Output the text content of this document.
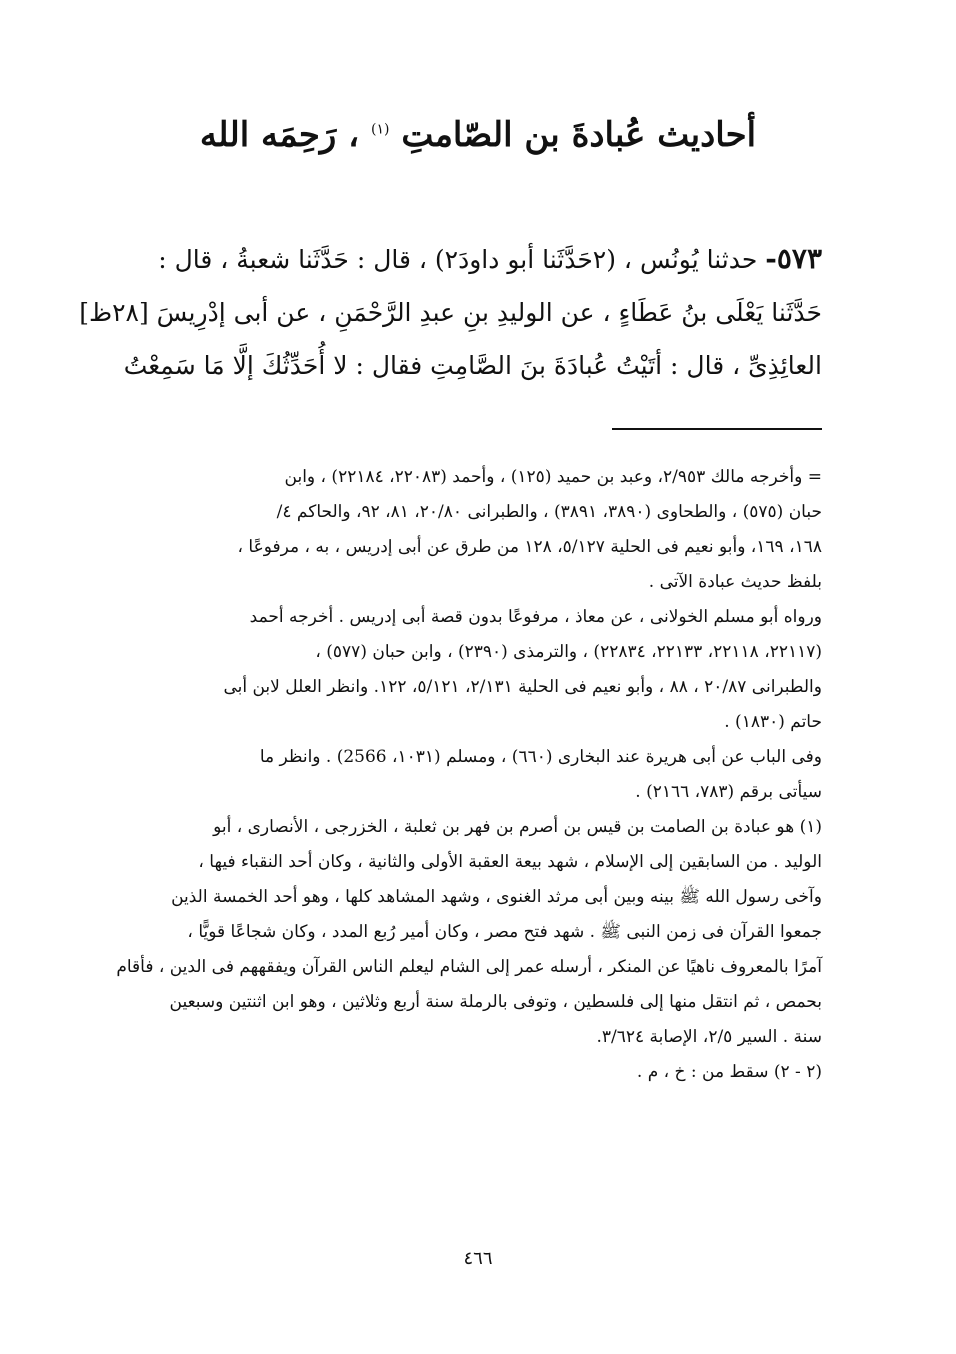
أحاديث عُبادةَ بن الصّامتِ $^{(١)}$ ، رَحِمَه الله
٥٧٣- حدثنا يُونُس ، (٢حَدَّثَنا أبو داودَ٢) ، قال : حَدَّثَنا شعبةُ ، قال :
حَدَّثَنا يَعْلَى بنُ عَطَاءٍ ، عن الوليدِ بنِ عبدِ الرَّحْمَنِ ، عن أبى إدْرِيسَ [٢٨ظ]
العائِذِىِّ ، قال : أتَيْتُ عُبادَةَ بنَ الصَّامِتِ فقال : لا أُحَدِّثُكَ إلَّا مَا سَمِعْتُ
= وأخرجه مالك ٢/٩٥٣، وعبد بن حميد (١٢٥) ، وأحمد (٢٢٠٨٣، ٢٢١٨٤) ، وابن
حبان (٥٧٥) ، والطحاوى (٣٨٩٠، ٣٨٩١) ، والطبرانى ٢٠/٨٠، ٨١، ٩٢، والحاكم ٤/
١٦٨، ١٦٩، وأبو نعيم فى الحلية ٥/١٢٧، ١٢٨ من طرق عن أبى إدريس ، به ، مرفوعًا ،
بلفظ حديث عبادة الآتى .
ورواه أبو مسلم الخولانى ، عن معاذ ، مرفوعًا بدون قصة أبى إدريس . أخرجه أحمد
(٢٢١١٧، ٢٢١١٨، ٢٢١٣٣، ٢٢٨٣٤) ، والترمذى (٢٣٩٠) ، وابن حبان (٥٧٧) ،
والطبرانى ٢٠/٨٧ ، ٨٨ ، وأبو نعيم فى الحلية ٢/١٣١، ٥/١٢١، ١٢٢. وانظر العلل لابن أبى
حاتم (١٨٣٠) .
وفى الباب عن أبى هريرة عند البخارى (٦٦٠) ، ومسلم (١٠٣١، 2566) . وانظر ما
سيأتى برقم (٧٨٣، ٢١٦٦) .
(١) هو عبادة بن الصامت بن قيس بن أصرم بن فهر بن ثعلبة ، الخزرجى ، الأنصارى ، أبو
الوليد . من السابقين إلى الإسلام ، شهد بيعة العقبة الأولى والثانية ، وكان أحد النقباء فيها ،
وآخى رسول الله ﷺ بينه وبين أبى مرثد الغنوى ، وشهد المشاهد كلها ، وهو أحد الخمسة الذين
جمعوا القرآن فى زمن النبى ﷺ . شهد فتح مصر ، وكان أمير رُبع المدد ، وكان شجاعًا قويًّا ،
آمرًا بالمعروف ناهيًا عن المنكر ، أرسله عمر إلى الشام ليعلم الناس القرآن ويفقههم فى الدين ، فأقام
بحمص ، ثم انتقل منها إلى فلسطين ، وتوفى بالرملة سنة أربع وثلاثين ، وهو ابن اثنتين وسبعين
سنة . السير ٢/٥، الإصابة ٣/٦٢٤.
(٢ - ٢) سقط من : خ ، م .
٤٦٦
